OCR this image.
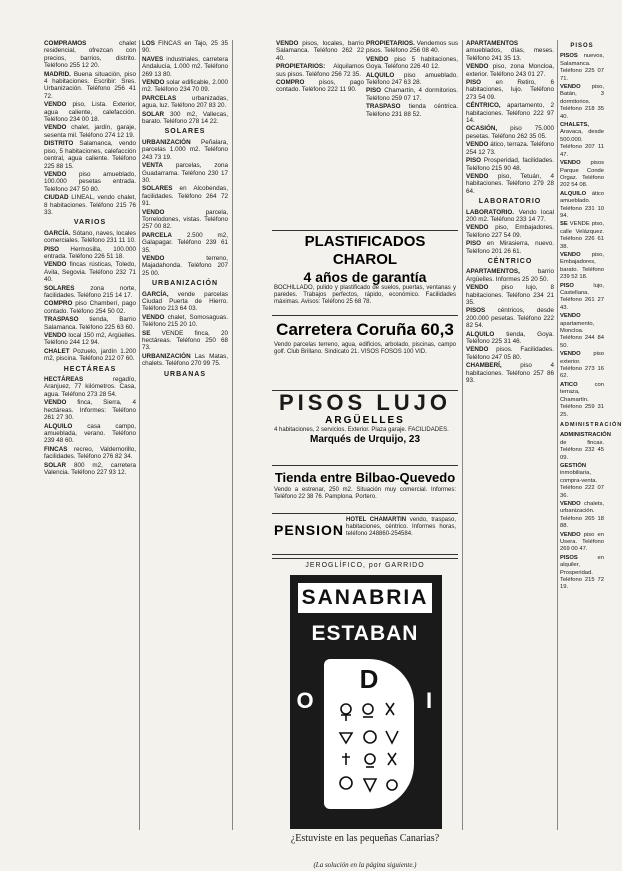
COMPRAMOS chalet residencial, ofrezcan con precios, barrios, distrito. Teléfono 255 12 20.

MADRID. Buena situación, piso 4 habitaciones. Escribir: Sres. Urbanización. Teléfono 256 41 72.

VENDO piso, Lista. Exterior, agua caliente, calefacción. Teléfono 234 00 18.

VENDO chalet, jardín, garaje, sesenta mil. Teléfono 274 12 19.

DISTRITO Salamanca, vendo piso, 5 habitaciones, calefacción central, agua caliente. Teléfono 225 88 15.

VENDO piso amueblado, 100.000 pesetas entrada. Teléfono 247 50 80.

CIUDAD LINEAL, vendo chalet, 8 habitaciones. Teléfono 215 76 33.

VARIOS

GARCÍA. Sótano, naves, locales comerciales. Teléfono 231 11 10.

PISO Hermosilla, 100.000 entrada. Teléfono 226 51 18.

VENDO fincas rústicas, Toledo, Avila, Segovia. Teléfono 232 71 40.

SOLARES zona norte, facilidades. Teléfono 215 14 17.

COMPRO piso Chamberí, pago contado. Teléfono 254 50 02.

TRASPASO tienda, Barrio Salamanca. Teléfono 225 63 60.

VENDO local 150 m2, Argüelles. Teléfono 244 12 94.

CHALET Pozuelo, jardín 1.200 m2, piscina. Teléfono 212 07 60.

HECTÁREAS

HECTÁREAS regadío, Aranjuez, 77 kilómetros. Casa, agua. Teléfono 273 28 54.

VENDO finca, Sierra, 4 hectáreas. Informes: Teléfono 261 27 30.

ALQUILO casa campo, amueblada, verano. Teléfono 239 48 60.

FINCAS recreo, Valdemorillo, facilidades. Teléfono 276 82 34.

SOLAR 800 m2, carretera Valencia. Teléfono 227 93 12.

LOS FINCAS en Tajo, 25 35 90.

NAVES industriales, carretera Andalucía, 1.000 m2. Teléfono 269 13 80.

VENDO solar edificable, 2.000 m2. Teléfono 234 70 09.

PARCELAS urbanizadas, agua, luz. Teléfono 207 83 20.

SOLAR 300 m2, Vallecas, barato. Teléfono 278 14 22.

SOLARES

URBANIZACIÓN Peñalara, parcelas 1.000 m2. Teléfono 243 73 19.

VENTA parcelas, zona Guadarrama. Teléfono 230 17 30.

SOLARES en Alcobendas, facilidades. Teléfono 264 72 91.

VENDO parcela, Torrelodones, vistas. Teléfono 257 00 82.

PARCELA 2.500 m2, Galapagar. Teléfono 239 61 35.

VENDO terreno, Majadahonda. Teléfono 207 25 00.

URBANIZACIÓN

GARCÍA, vende parcelas Ciudad Puerta de Hierro. Teléfono 213 64 03.

VENDO chalet, Somosaguas. Teléfono 215 20 10.

SE VENDE finca, 20 hectáreas. Teléfono 250 68 73.

URBANIZACIÓN Las Matas, chalets. Teléfono 270 99 75.

URBANAS

VENDO pisos, locales, barrio Salamanca. Teléfono 262 22 40.

PROPIETARIOS: Alquilamos sus pisos. Teléfono 256 72 35.

COMPRO pisos, pago contado. Teléfono 222 11 90.

PLASTIFICADOS CHAROL
4 años de garantía
BOCHILLADO, pulido y plastificado de suelos, puertas, ventanas y paredes. Trabajos perfectos, rápido, económico. Facilidades máximas. Avisos: Teléfono 25 68 78.
Carretera Coruña 60,3
Vendo parcelas terreno, agua, edificios, arbolado, piscinas, campo golf. Club Brillano. Sindicato 21. VISOS FOSOS 100 VID.
PISOS LUJO
ARGÜELLES
4 habitaciones, 2 servicios. Exterior. Plaza garaje. FACILIDADES.
Marqués de Urquijo, 23
Tienda entre Bilbao-Quevedo
Vendo a estrenar, 250 m2. Situación muy comercial. Informes: Teléfono 22 38 76. Pamplona. Portero.
PENSION
HOTEL CHAMARTIN vendo, traspaso, habitaciones, céntrico. Informes horas, teléfono 248860-254584.
JEROGLÍFICO, por GARRIDO
SANABRIA
ESTABAN
O
D
I
¿Estuviste en las pequeñas Canarias?
(La solución en la página siguiente.)

PROPIETARIOS. Vendemos sus pisos. Teléfono 256 08 40.

VENDO piso 5 habitaciones, Goya. Teléfono 226 40 12.

ALQUILO piso amueblado. Teléfono 247 63 28.

PISO Chamartín, 4 dormitorios. Teléfono 259 07 17.

TRASPASO tienda céntrica. Teléfono 231 88 52.

APARTAMENTOS amueblados, días, meses. Teléfono 241 35 13.

VENDO piso, zona Moncloa, exterior. Teléfono 243 01 27.

PISO en Retiro, 6 habitaciones, lujo. Teléfono 273 54 09.

CÉNTRICO, apartamento, 2 habitaciones. Teléfono 222 97 14.

OCASIÓN, piso 75.000 pesetas. Teléfono 262 35 05.

VENDO ático, terraza. Teléfono 254 12 73.

PISO Prosperidad, facilidades. Teléfono 215 90 48.

VENDO piso, Tetuán, 4 habitaciones. Teléfono 279 28 64.

LABORATORIO

LABORATORIO. Vendo local 200 m2. Teléfono 233 14 77.

VENDO piso, Embajadores. Teléfono 227 54 09.

PISO en Mirasierra, nuevo. Teléfono 201 26 61.

CÉNTRICO

APARTAMENTOS, barrio Argüelles. Informes 25 20 50.

VENDO piso lujo, 8 habitaciones. Teléfono 234 21 35.

PISOS céntricos, desde 200.000 pesetas. Teléfono 222 82 54.

ALQUILO tienda, Goya. Teléfono 225 31 46.

VENDO pisos. Facilidades. Teléfono 247 05 80.

CHAMBERÍ, piso 4 habitaciones. Teléfono 257 86 93.

PISOS

PISOS nuevos, Salamanca. Teléfono 225 07 71.

VENDO piso, Batán, 3 dormitorios. Teléfono 218 35 40.

CHALETS, Aravaca, desde 500.000. Teléfono 207 11 47.

VENDO pisos Parque Conde Orgaz. Teléfono 202 54 08.

ALQUILO ático amueblado. Teléfono 231 10 94.

SE VENDE piso, calle Velázquez. Teléfono 226 61 38.

VENDO piso, Embajadores, barato. Teléfono 239 52 18.

PISO lujo, Castellana. Teléfono 261 27 43.

VENDO apartamento, Moncloa. Teléfono 244 84 50.

VENDO piso exterior. Teléfono 273 16 62.

ATICO con terraza, Chamartín. Teléfono 259 31 25.

ADMINISTRACIÓN

ADMINISTRACIÓN de fincas. Teléfono 232 45 09.

GESTIÓN inmobiliaria, compra-venta. Teléfono 222 07 36.

VENDO chalets, urbanización. Teléfono 265 18 88.

VENDO piso en Usera. Teléfono 269 00 47.

PISOS en alquiler, Prosperidad. Teléfono 215 72 19.
